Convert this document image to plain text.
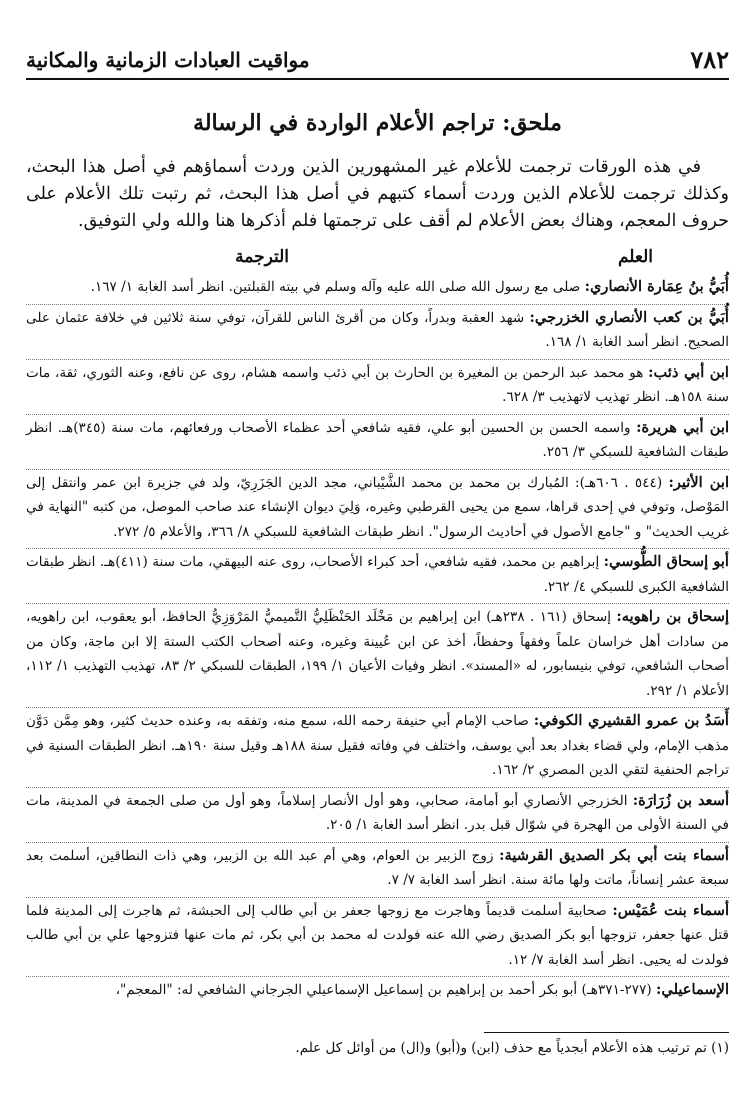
٧٨٢
مواقيت العبادات الزمانية والمكانية
ملحق: تراجم الأعلام الواردة في الرسالة

في هذه الورقات ترجمت للأعلام غير المشهورين الذين وردت أسماؤهم في أصل هذا البحث، وكذلك ترجمت للأعلام الذين وردت أسماء كتبهم في أصل هذا البحث، ثم رتبت تلك الأعلام على حروف المعجم، وهناك بعض الأعلام لم أقف على ترجمتها فلم أذكرها هنا والله ولي التوفيق.

العلم
الترجمة
أُبَيُّ بنُ عِمَارة الأنصاري: صلى مع رسول الله صلى الله عليه وآله وسلم في بيته القبلتين. انظر أسد الغابة ١/ ١٦٧.
أُبَيُّ بن كعب الأنصاري الخزرجي: شهد العقبة وبدراً، وكان من أقرئ الناس للقرآن، توفي سنة ثلاثين في خلافة عثمان على الصحيح. انظر أسد الغابة ١/ ١٦٨.
ابن أبي ذئب: هو محمد عبد الرحمن بن المغيرة بن الحارث بن أبي ذئب واسمه هشام، روى عن نافع، وعنه الثوري، ثقة، مات سنة ١٥٨هـ. انظر تهذيب لاتهذيب ٣/ ٦٢٨.
ابن أبي هريرة: واسمه الحسن بن الحسين أبو علي، فقيه شافعي أحد عظماء الأصحاب ورفعائهم، مات سنة (٣٤٥)هـ. انظر طبقات الشافعية للسبكي ٣/ ٢٥٦.
ابن الأثير: (٥٤٤ . ٦٠٦هـ): المُبارك بن محمد بن محمد الشَّيْباني، مجد الدين الجَزَرِيّ، ولد في جزيرة ابن عمر وانتقل إلى المَوْصل، وتوفي في إحدى قراها، سمع من يحيى القرطبي وغيره، وَلِيَ ديوان الإنشاء عند صاحب الموصل، من كتبه "النهاية في غريب الحديث" و "جامع الأصول في أحاديث الرسول". انظر طبقات الشافعية للسبكي ٨/ ٣٦٦، والأعلام ٥/ ٢٧٢.
أبو إسحاق الطُّوسي: إبراهيم بن محمد، فقيه شافعي، أحد كبراء الأصحاب، روى عنه البيهقي، مات سنة (٤١١)هـ. انظر طبقات الشافعية الكبرى للسبكي ٤/ ٢٦٢.
إسحاق بن راهويه: إسحاق (١٦١ . ٢٣٨هـ) ابن إبراهيم بن مَخْلَد الحَنْظَلِيُّ التَّميميُّ المَرْوَزِيُّ الحافظ، أبو يعقوب، ابن راهويه، من سادات أهل خراسان علماً وفقهاً وحفظاً، أخذ عن ابن عُيينة وغيره، وعنه أصحاب الكتب الستة إلا ابن ماجة، وكان من أصحاب الشافعي، توفي بنيسابور، له «المسند». انظر وفيات الأعيان ١/ ١٩٩، الطبقات للسبكي ٢/ ٨٣، تهذيب التهذيب ١/ ١١٢، الأعلام ١/ ٢٩٢.
أَسَدُ بن عمرو القشيري الكوفي: صاحب الإمام أبي حنيفة رحمه الله، سمع منه، وتفقه به، وعنده حديث كثير، وهو مِمَّن دَوَّن مذهب الإمام، ولي قضاء بغداد بعد أبي يوسف، واختلف في وفاته فقيل سنة ١٨٨هـ وقيل سنة ١٩٠هـ. انظر الطبقات السنية في تراجم الحنفية لتقي الدين المصري ٢/ ١٦٢.
أسعد بن زُرَارَة: الخزرجي الأنصاري أبو أمامة، صحابي، وهو أول الأنصار إسلاماً، وهو أول من صلى الجمعة في المدينة، مات في السنة الأولى من الهجرة في شوّال قبل بدر. انظر أسد الغابة ١/ ٢٠٥.
أسماء بنت أبي بكر الصديق القرشية: زوج الزبير بن العوام، وهي أم عبد الله بن الزبير، وهي ذات النطاقين، أسلمت بعد سبعة عشر إنساناً، ماتت ولها مائة سنة. انظر أسد الغابة ٧/ ٧.
أسماء بنت عُمَيْس: صحابية أسلمت قديماً وهاجرت مع زوجها جعفر بن أبي طالب إلى الحبشة، ثم هاجرت إلى المدينة فلما قتل عنها جعفر، تزوجها أبو بكر الصديق رضي الله عنه فولدت له محمد بن أبي بكر، ثم مات عنها فتزوجها علي بن أبي طالب فولدت له يحيى. انظر أسد الغابة ٧/ ١٢.
الإسماعيلي: (٢٧٧-٣٧١هـ) أبو بكر أحمد بن إبراهيم بن إسماعيل الإسماعيلي الجرجاني الشافعي له: "المعجم"،
(١) تم ترتيب هذه الأعلام أبجدياً مع حذف (ابن) و(أبو) و(ال) من أوائل كل علم.
